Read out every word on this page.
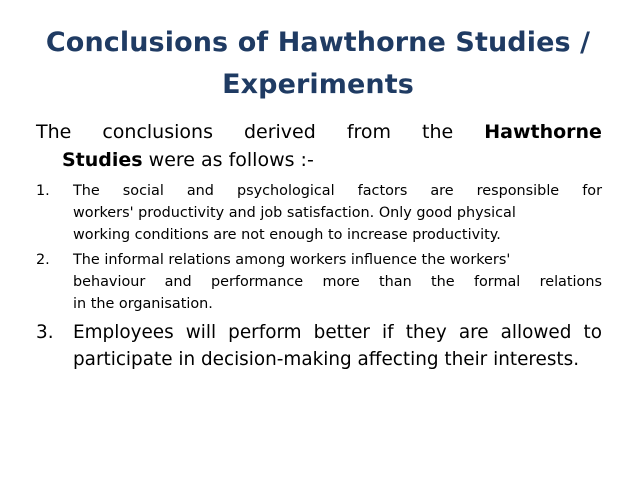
Conclusions of Hawthorne Studies /
Experiments
The conclusions derived from the Hawthorne
Studies were as follows :-
1. The social and psychological factors are responsible for
workers' productivity and job satisfaction. Only good physical
working conditions are not enough to increase productivity.
2. The informal relations among workers influence the workers'
behaviour and performance more than the formal relations
in the organisation.
3. Employees will perform better if they are allowed to
participate in decision-making affecting their interests.
